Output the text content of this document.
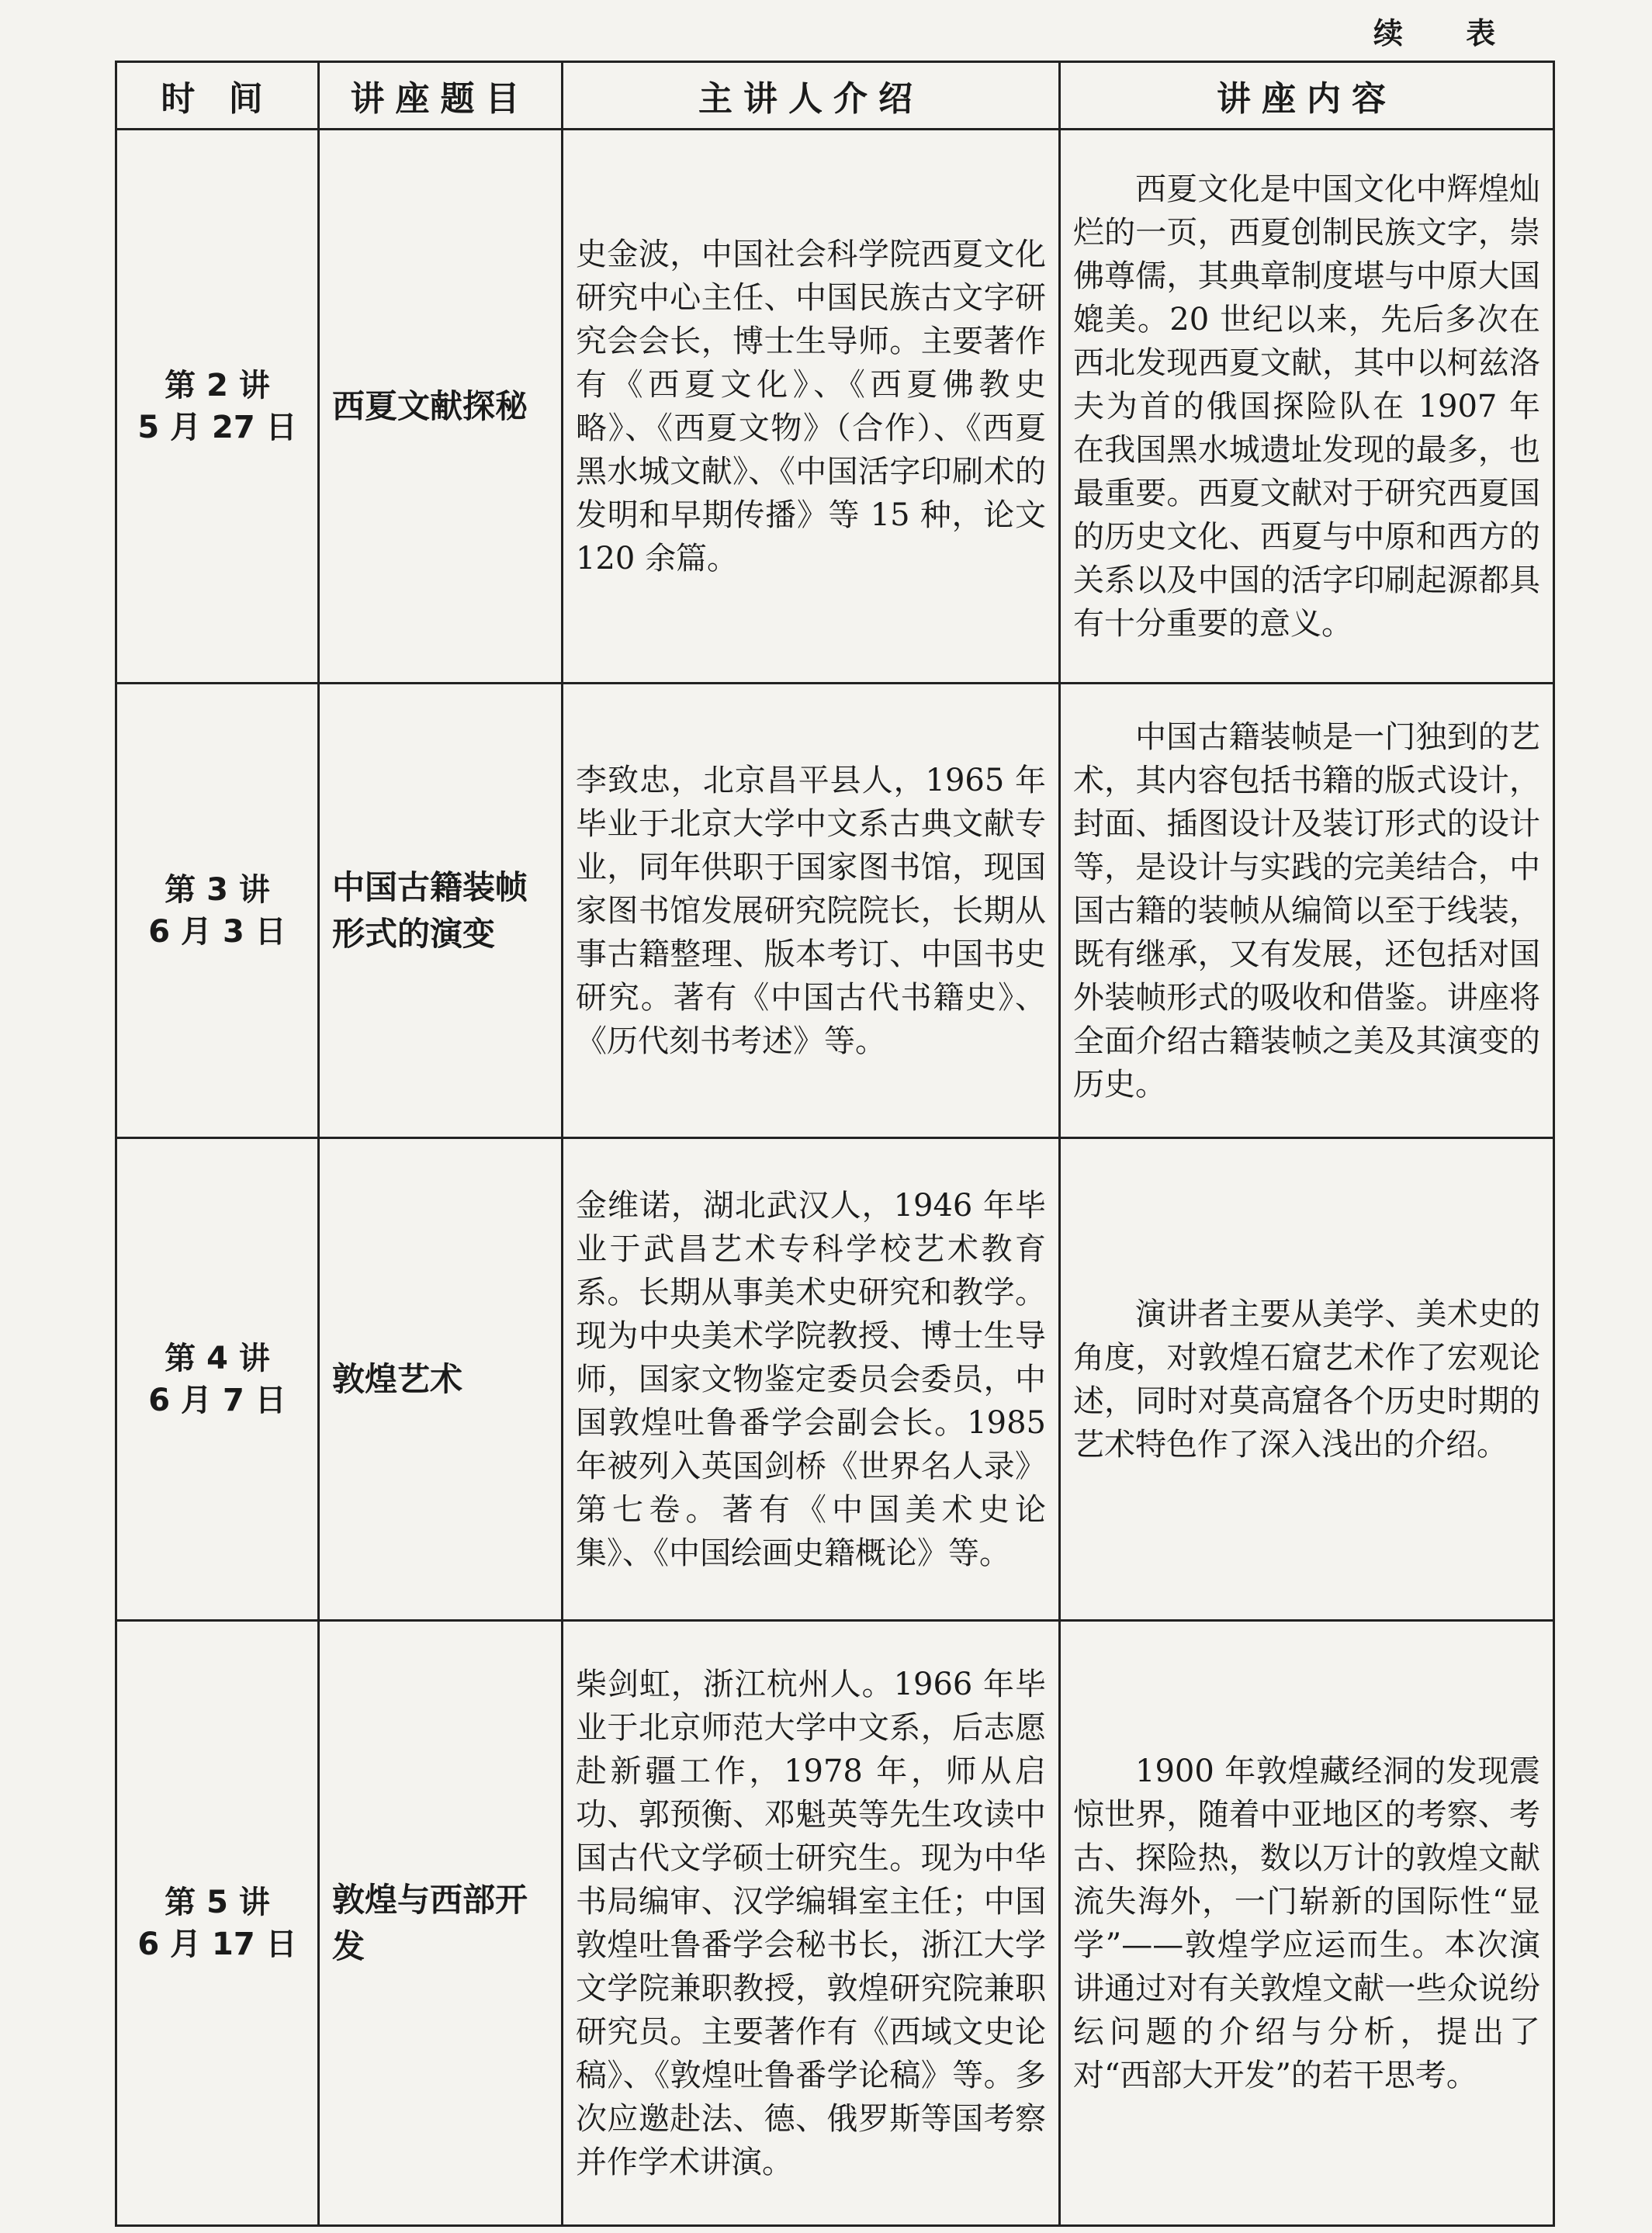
续 表
时 间	讲座题目	主讲人介绍	讲座内容

第 2 讲
5 月 27 日	西夏文献探秘	史金波，中国社会科学院西夏文化研究中心主任、中国民族古文字研究会会长，博士生导师。主要著作有《西夏文化》、《西夏佛教史略》、《西夏文物》（合作）、《西夏黑水城文献》、《中国活字印刷术的发明和早期传播》等 15 种，论文 120 余篇。	西夏文化是中国文化中辉煌灿烂的一页，西夏创制民族文字，崇佛尊儒，其典章制度堪与中原大国媲美。20 世纪以来，先后多次在西北发现西夏文献，其中以柯兹洛夫为首的俄国探险队在 1907 年在我国黑水城遗址发现的最多，也最重要。西夏文献对于研究西夏国的历史文化、西夏与中原和西方的关系以及中国的活字印刷起源都具有十分重要的意义。

第 3 讲
6 月 3 日	中国古籍装帧形式的演变	李致忠，北京昌平县人，1965 年毕业于北京大学中文系古典文献专业，同年供职于国家图书馆，现国家图书馆发展研究院院长，长期从事古籍整理、版本考订、中国书史研究。著有《中国古代书籍史》、《历代刻书考述》等。	中国古籍装帧是一门独到的艺术，其内容包括书籍的版式设计，封面、插图设计及装订形式的设计等，是设计与实践的完美结合，中国古籍的装帧从编简以至于线装，既有继承，又有发展，还包括对国外装帧形式的吸收和借鉴。讲座将全面介绍古籍装帧之美及其演变的历史。

第 4 讲
6 月 7 日	敦煌艺术	金维诺，湖北武汉人，1946 年毕业于武昌艺术专科学校艺术教育系。长期从事美术史研究和教学。现为中央美术学院教授、博士生导师，国家文物鉴定委员会委员，中国敦煌吐鲁番学会副会长。1985 年被列入英国剑桥《世界名人录》第七卷。著有《中国美术史论集》、《中国绘画史籍概论》等。	演讲者主要从美学、美术史的角度，对敦煌石窟艺术作了宏观论述，同时对莫高窟各个历史时期的艺术特色作了深入浅出的介绍。

第 5 讲
6 月 17 日	敦煌与西部开发	柴剑虹，浙江杭州人。1966 年毕业于北京师范大学中文系，后志愿赴新疆工作，1978 年，师从启功、郭预衡、邓魁英等先生攻读中国古代文学硕士研究生。现为中华书局编审、汉学编辑室主任；中国敦煌吐鲁番学会秘书长，浙江大学文学院兼职教授，敦煌研究院兼职研究员。主要著作有《西域文史论稿》、《敦煌吐鲁番学论稿》等。多次应邀赴法、德、俄罗斯等国考察并作学术讲演。	1900 年敦煌藏经洞的发现震惊世界，随着中亚地区的考察、考古、探险热，数以万计的敦煌文献流失海外，一门崭新的国际性“显学”——敦煌学应运而生。本次演讲通过对有关敦煌文献一些众说纷纭问题的介绍与分析，提出了对“西部大开发”的若干思考。
